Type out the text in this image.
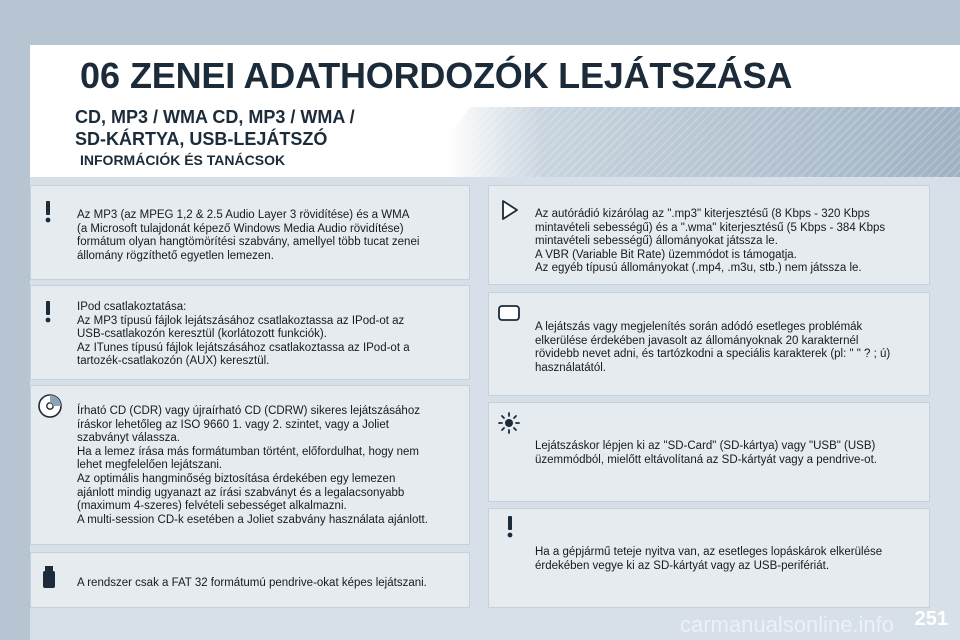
06 ZENEI ADATHORDOZÓK LEJÁTSZÁSA
CD, MP3 / WMA CD, MP3 / WMA /
SD-KÁRTYA, USB-LEJÁTSZÓ
INFORMÁCIÓK ÉS TANÁCSOK
Az MP3 (az MPEG 1,2 & 2.5 Audio Layer 3 rövidítése) és a WMA
(a Microsoft tulajdonát képező Windows Media Audio rövidítése)
formátum olyan hangtömörítési szabvány, amellyel több tucat zenei
állomány rögzíthető egyetlen lemezen.
IPod csatlakoztatása:
Az MP3 típusú fájlok lejátszásához csatlakoztassa az IPod-ot az
USB-csatlakozón keresztül (korlátozott funkciók).
Az ITunes típusú fájlok lejátszásához csatlakoztassa az IPod-ot a
tartozék-csatlakozón (AUX) keresztül.
Írható CD (CDR) vagy újraírható CD (CDRW) sikeres lejátszásához
íráskor lehetőleg az ISO 9660 1. vagy 2. szintet, vagy a Joliet
szabványt válassza.
Ha a lemez írása más formátumban történt, előfordulhat, hogy nem
lehet megfelelően lejátszani.
Az optimális hangminőség biztosítása érdekében egy lemezen
ajánlott mindig ugyanazt az írási szabványt és a legalacsonyabb
(maximum 4-szeres) felvételi sebességet alkalmazni.
A multi-session CD-k esetében a Joliet szabvány használata ajánlott.
A rendszer csak a FAT 32 formátumú pendrive-okat képes lejátszani.
Az autórádió kizárólag az ".mp3" kiterjesztésű (8 Kbps - 320 Kbps
mintavételi sebességű) és a ".wma" kiterjesztésű (5 Kbps - 384 Kbps
mintavételi sebességű) állományokat játssza le.
A VBR (Variable Bit Rate) üzemmódot is támogatja.
Az egyéb típusú állományokat (.mp4, .m3u, stb.) nem játssza le.
A lejátszás vagy megjelenítés során adódó esetleges problémák
elkerülése érdekében javasolt az állományoknak 20 karakternél
rövidebb nevet adni, és tartózkodni a speciális karakterek (pl: " " ? ; ú)
használatától.
Lejátszáskor lépjen ki az "SD-Card" (SD-kártya) vagy "USB" (USB)
üzemmódból, mielőtt eltávolítaná az SD-kártyát vagy a pendrive-ot.
Ha a gépjármű teteje nyitva van, az esetleges lopáskárok elkerülése
érdekében vegye ki az SD-kártyát vagy az USB-perifériát.
251
carmanualsonline.info
